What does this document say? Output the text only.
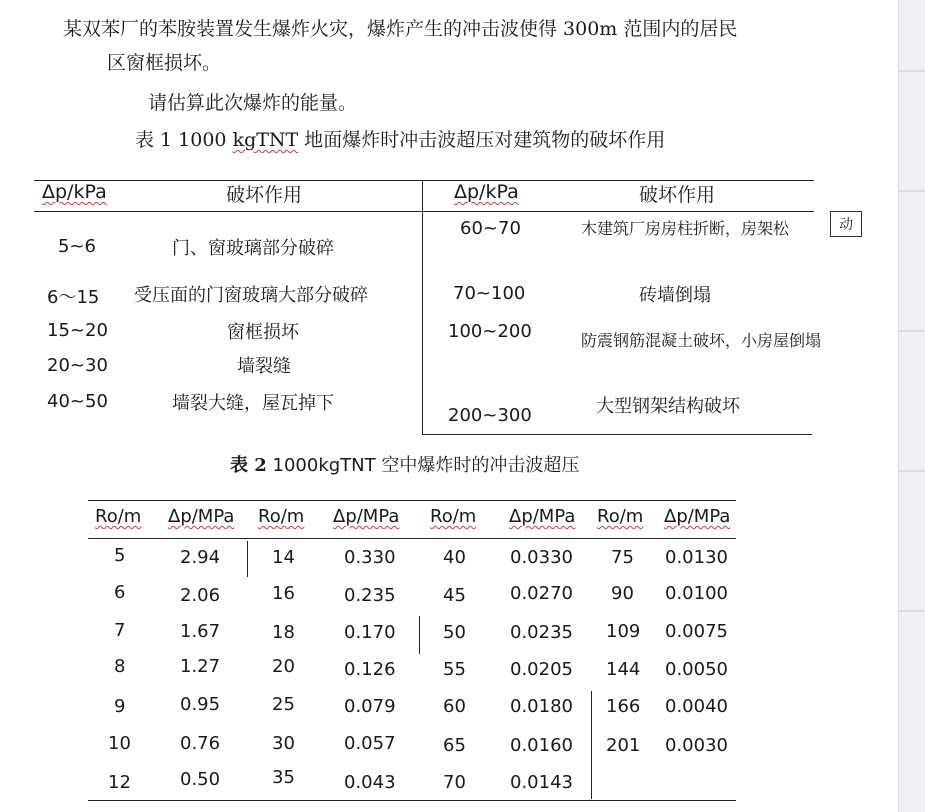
某双苯厂的苯胺装置发生爆炸火灾，爆炸产生的冲击波使得 300m 范围内的居民
区窗框损坏。
请估算此次爆炸的能量。
表 1 1000 kgTNT 地面爆炸时冲击波超压对建筑物的破坏作用
Δp/kPa	破坏作用	Δp/kPa	破坏作用
5~6	门、窗玻璃部分破碎
6～15 受压面的门窗玻璃大部分破碎
15~20	窗框损坏
20~30	墙裂缝
40~50	墙裂大缝，屋瓦掉下
60~70	木建筑厂房房柱折断，房架松	动
70~100	砖墙倒塌
100~200	防震钢筋混凝土破坏，小房屋倒塌
200~300	大型钢架结构破坏
表 2 1000kgTNT 空中爆炸时的冲击波超压
Ro/m Δp/MPa Ro/m Δp/MPa Ro/m Δp/MPa Ro/m Δp/MPa
5	2.94	14	0.330	40 0.0330 75 0.0130
6	2.06	16	0.235	45 0.0270 90 0.0100
7	1.67	18	0.170	50 0.0235 109 0.0075
8	1.27	20	0.126	55 0.0205 144 0.0050
9	0.95	25	0.079	60 0.0180 166 0.0040
10	0.76	30	0.057	65 0.0160 201 0.0030
12	0.50	35	0.043	70 0.0143
